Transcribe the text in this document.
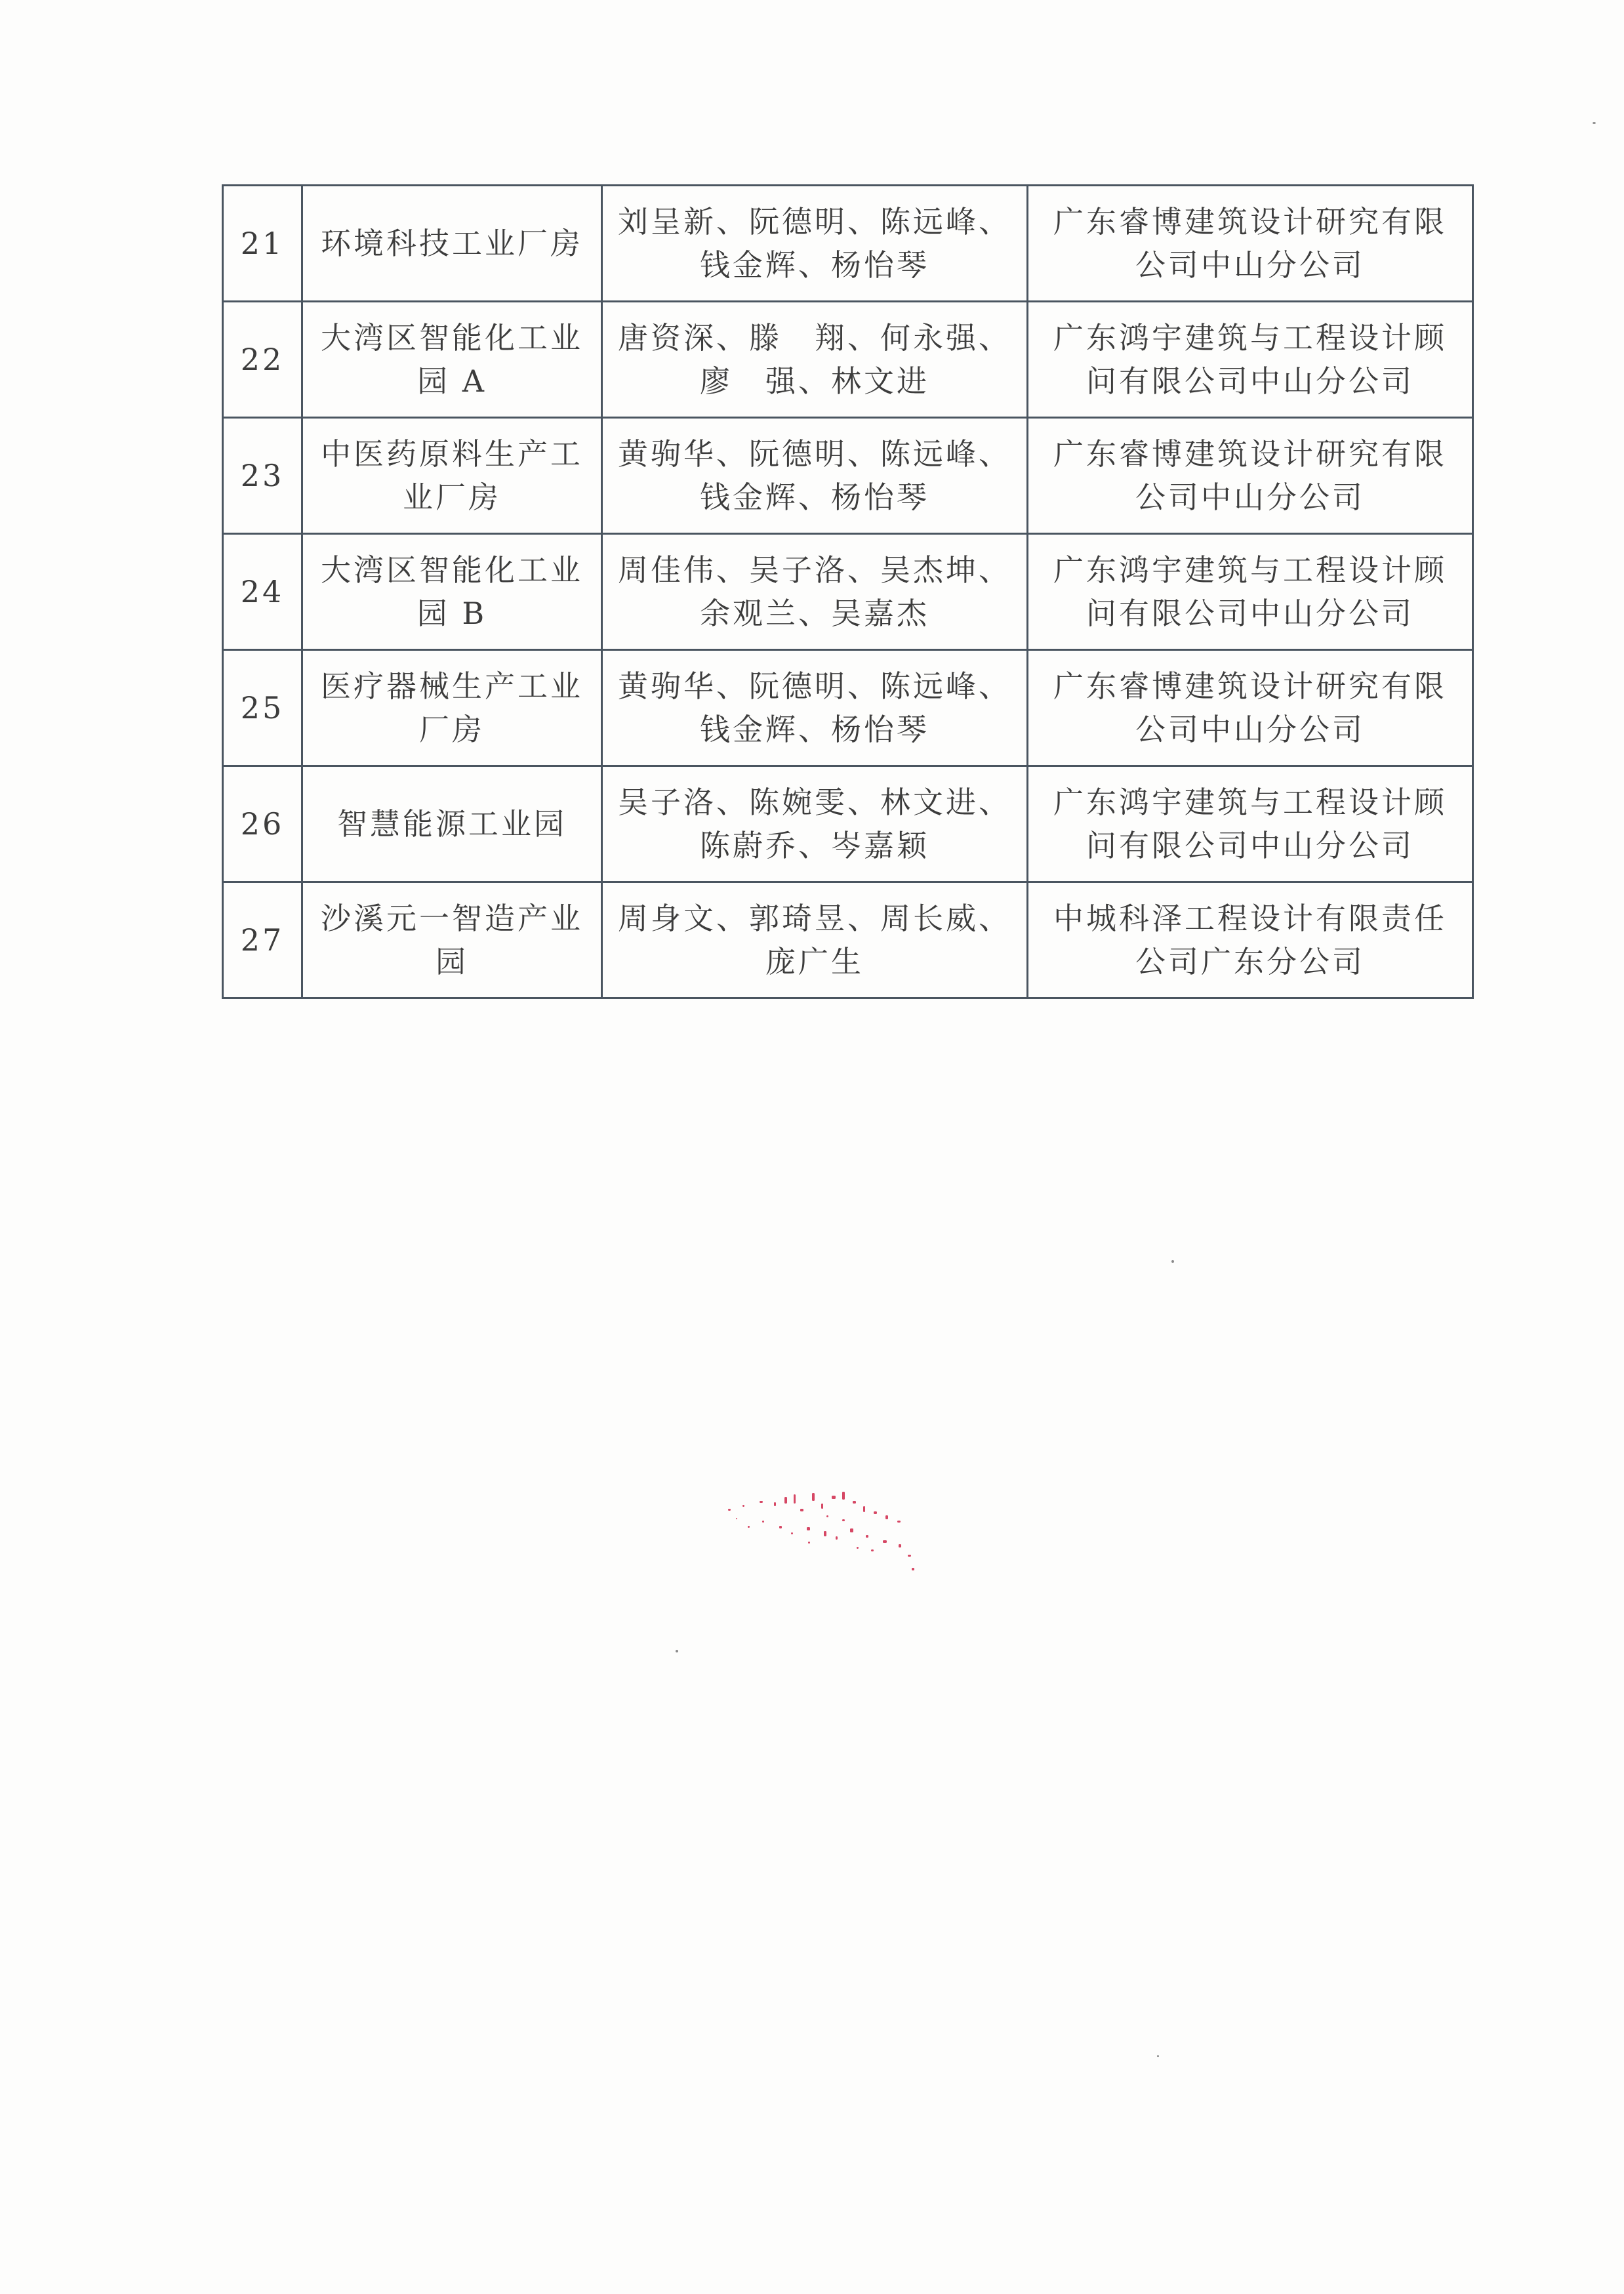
21	环境科技工业厂房	刘呈新、阮德明、陈远峰、
钱金辉、杨怡琴	广东睿博建筑设计研究有限
公司中山分公司

22	大湾区智能化工业
园 A	唐资深、滕　翔、何永强、
廖　强、林文进	广东鸿宇建筑与工程设计顾
问有限公司中山分公司

23	中医药原料生产工
业厂房	黄驹华、阮德明、陈远峰、
钱金辉、杨怡琴	广东睿博建筑设计研究有限
公司中山分公司

24	大湾区智能化工业
园 B	周佳伟、吴子洛、吴杰坤、
余观兰、吴嘉杰	广东鸿宇建筑与工程设计顾
问有限公司中山分公司

25	医疗器械生产工业
厂房	黄驹华、阮德明、陈远峰、
钱金辉、杨怡琴	广东睿博建筑设计研究有限
公司中山分公司

26	智慧能源工业园	吴子洛、陈婉雯、林文进、
陈蔚乔、岑嘉颖	广东鸿宇建筑与工程设计顾
问有限公司中山分公司

27	沙溪元一智造产业
园	周身文、郭琦昱、周长威、
庞广生	中城科泽工程设计有限责任
公司广东分公司
